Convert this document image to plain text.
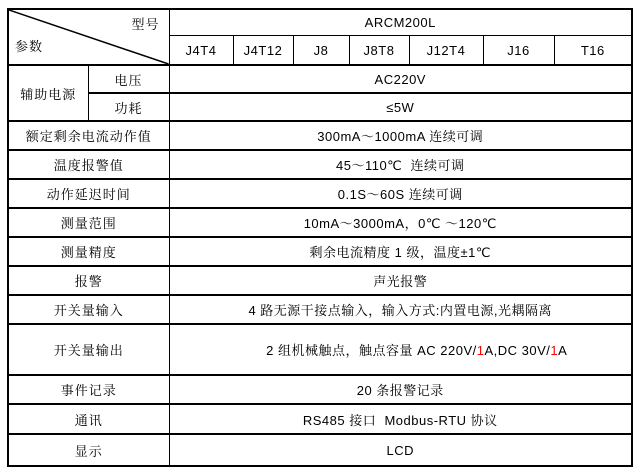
型号
参数		ARCM200L						
		J4T4	J4T12	J8	J8T8	J12T4	J16	T16
辅助电源	电压	AC220V						
	功耗	≤5W						
额定剩余电流动作值		300mA～1000mA 连续可调						
温度报警值		45～110℃  连续可调						
动作延迟时间		0.1S～60S 连续可调						
测量范围		10mA～3000mA，0℃ ～120℃						
测量精度		剩余电流精度 1 级，温度±1℃						
报警		声光报警						
开关量输入		4 路无源干接点输入，输入方式:内置电源,光耦隔离						
开关量输出		2 组机械触点，触点容量 AC 220V/1A,DC 30V/1A						

事件记录		20 条报警记录						
通讯		RS485 接口  Modbus-RTU 协议						
显示		LCD						
